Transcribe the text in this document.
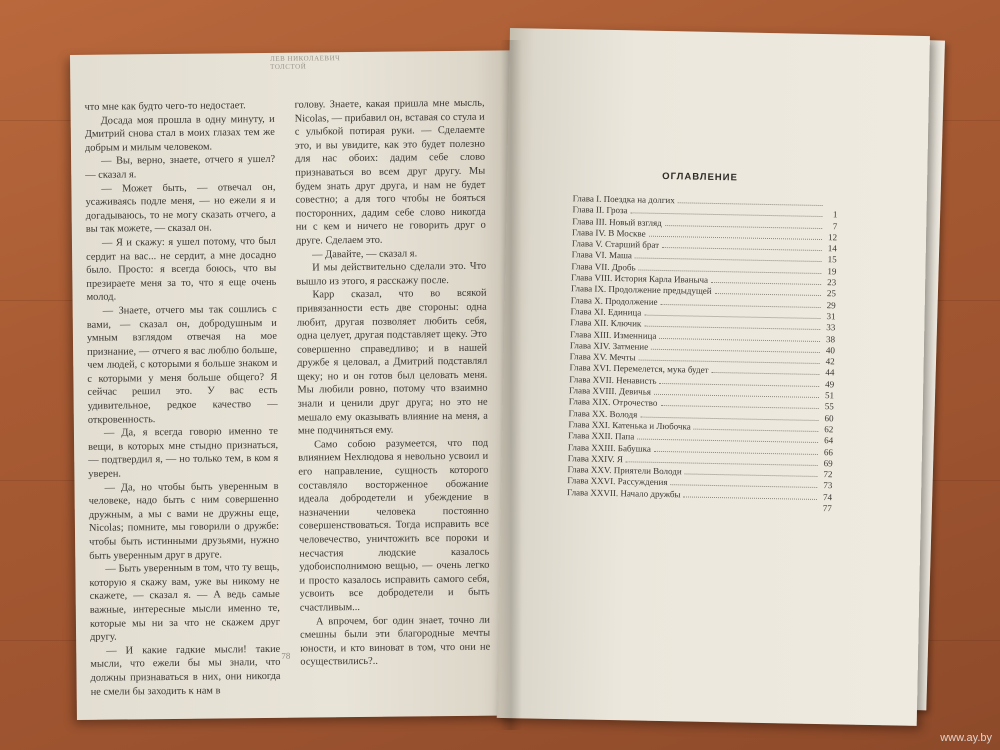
ЛЕВ НИКОЛАЕВИЧ
ТОЛСТОЙ

что мне как будто чего-то недостает.

Досада моя прошла в одну минуту, и Дмитрий снова стал в моих глазах тем же добрым и милым человеком.

— Вы, верно, знаете, отчего я ушел? — сказал я.

— Может быть, — отвечал он, усаживаясь подле меня, — но ежели я и догадываюсь, то не могу сказать отчего, а вы так можете, — сказал он.

— Я и скажу: я ушел потому, что был сердит на вас... не сердит, а мне досадно было. Просто: я всегда боюсь, что вы презираете меня за то, что я еще очень молод.

— Знаете, отчего мы так сошлись с вами, — сказал он, добродушным и умным взглядом отвечая на мое признание, — отчего я вас люблю больше, чем людей, с которыми я больше знаком и с которыми у меня больше общего? Я сейчас решил это. У вас есть удивительное, редкое качество — откровенность.

— Да, я всегда говорю именно те вещи, в которых мне стыдно признаться, — подтвердил я, — но только тем, в ком я уверен.

— Да, но чтобы быть уверенным в человеке, надо быть с ним совершенно дружным, а мы с вами не дружны еще, Nicolas; помните, мы говорили о дружбе: чтобы быть истинными друзьями, нужно быть уверенным друг в друге.

— Быть уверенным в том, что ту вещь, которую я скажу вам, уже вы никому не скажете, — сказал я. — А ведь самые важные, интересные мысли именно те, которые мы ни за что не скажем друг другу.

— И какие гадкие мысли! такие мысли, что ежели бы мы знали, что должны признаваться в них, они никогда не смели бы заходить к нам в

голову. Знаете, какая пришла мне мысль, Nicolas, — прибавил он, вставая со стула и с улыбкой потирая руки. — Сделаемте это, и вы увидите, как это будет полезно для нас обоих: дадим себе слово признаваться во всем друг другу. Мы будем знать друг друга, и нам не будет совестно; а для того чтобы не бояться посторонних, дадим себе слово никогда ни с кем и ничего не говорить друг о друге. Сделаем это.

— Давайте, — сказал я.

И мы действительно сделали это. Что вышло из этого, я расскажу после.

Карр сказал, что во всякой привязанности есть две стороны: одна любит, другая позволяет любить себя, одна целует, другая подставляет щеку. Это совершенно справедливо; и в нашей дружбе я целовал, а Дмитрий подставлял щеку; но и он готов был целовать меня. Мы любили ровно, потому что взаимно знали и ценили друг друга; но это не мешало ему оказывать влияние на меня, а мне подчиняться ему.

Само собою разумеется, что под влиянием Нехлюдова я невольно усвоил и его направление, сущность которого составляло восторженное обожание идеала добродетели и убеждение в назначении человека постоянно совершенствоваться. Тогда исправить все человечество, уничтожить все пороки и несчастия людские казалось удобоисполнимою вещью, — очень легко и просто казалось исправить самого себя, усвоить все добродетели и быть счастливым...

А впрочем, бог один знает, точно ли смешны были эти благородные мечты юности, и кто виноват в том, что они не осуществились?..

78
ОГЛАВЛЕНИЕ
Глава I. Поездка на долгих
Глава II. Гроза	1
Глава III. Новый взгляд	7
Глава IV. В Москве	12
Глава V. Старший брат	14
Глава VI. Маша	15
Глава VII. Дробь	19
Глава VIII. История Карла Иваныча	23
Глава IX. Продолжение предыдущей	25
Глава X. Продолжение	29
Глава XI. Единица	31
Глава XII. Ключик	33
Глава XIII. Изменница	38
Глава XIV. Затмение	40
Глава XV. Мечты	42
Глава XVI. Перемелется, мука будет	44
Глава XVII. Ненависть	49
Глава XVIII. Девичья	51
Глава XIX. Отрочество	55
Глава XX. Володя	60
Глава XXI. Катенька и Любочка	62
Глава XXII. Папа	64
Глава XXIII. Бабушка	66
Глава XXIV. Я	69
Глава XXV. Приятели Володи	72
Глава XXVI. Рассуждения	73
Глава XXVII. Начало дружбы	74
77
www.ay.by
